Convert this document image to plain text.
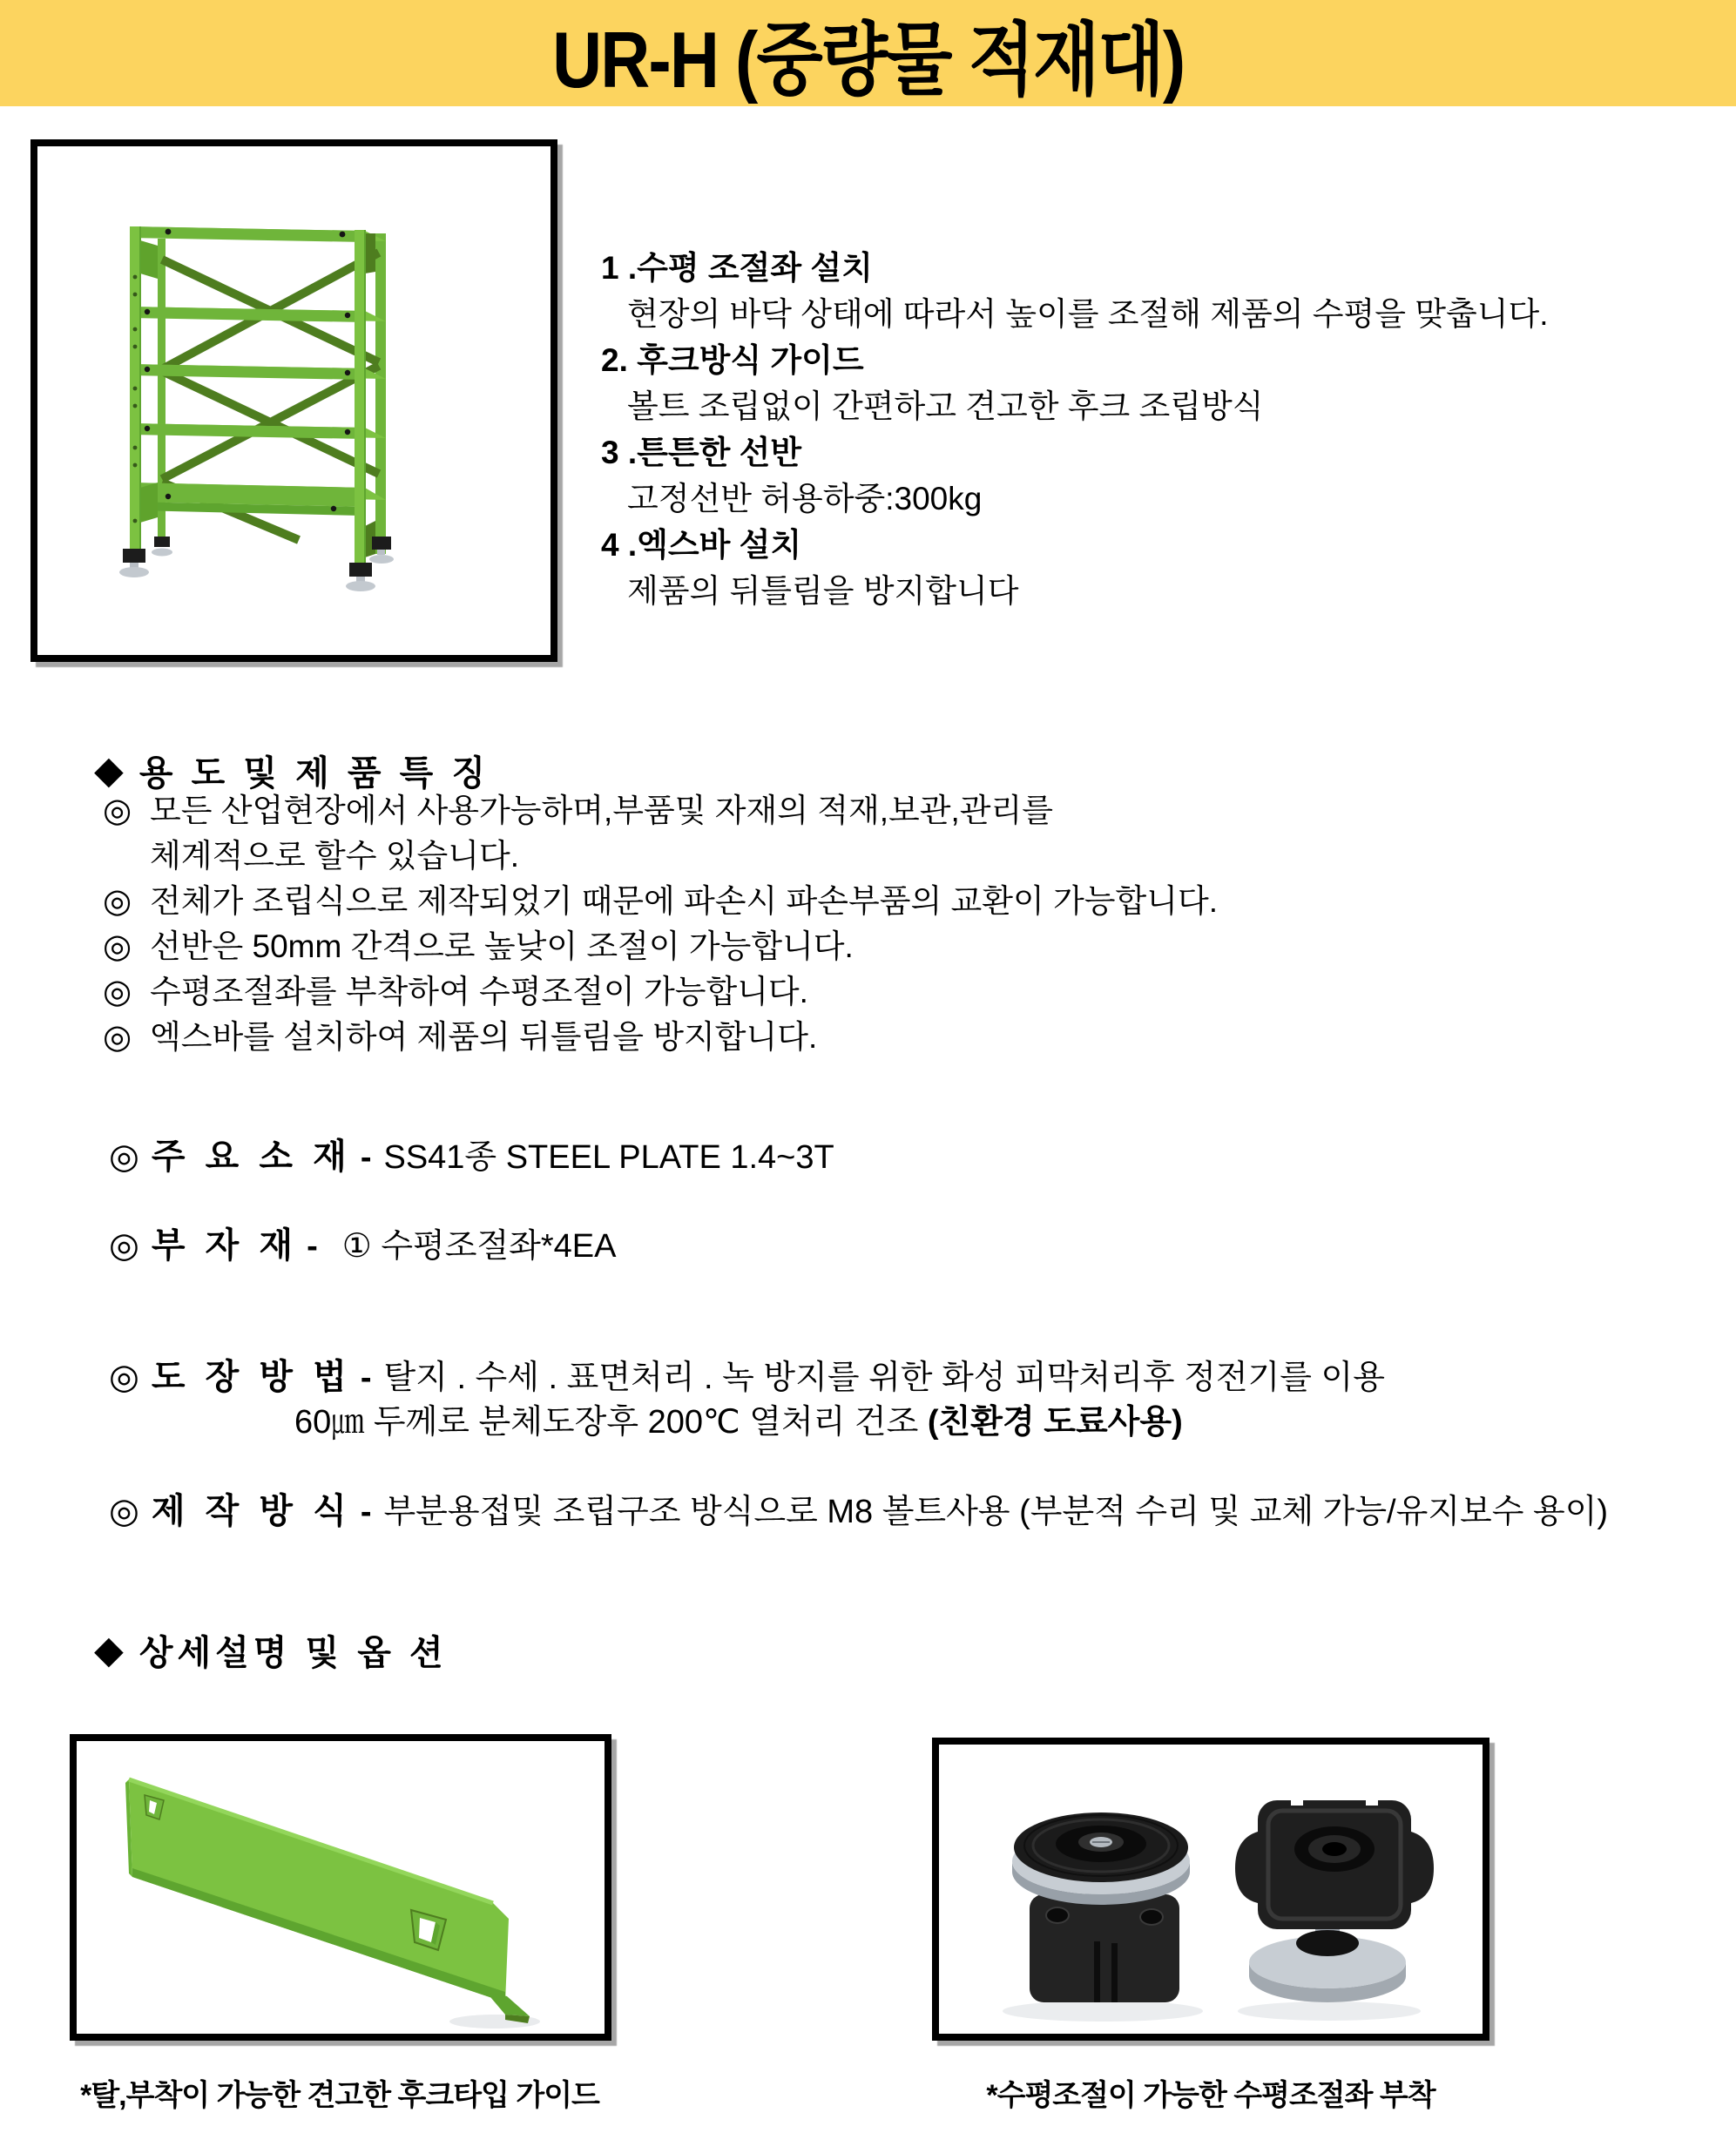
UR-H (중량물 적재대)
1 .수평 조절좌 설치
현장의 바닥 상태에 따라서 높이를 조절해 제품의 수평을 맞춥니다.
2. 후크방식 가이드
볼트 조립없이 간편하고 견고한 후크 조립방식
3 .튼튼한 선반
고정선반 허용하중:300kg
4 .엑스바 설치
제품의 뒤틀림을 방지합니다
◆ 용 도 및 제 품 특 징
◎ 모든 산업현장에서 사용가능하며,부품및 자재의 적재,보관,관리를
체계적으로 할수 있습니다.
◎ 전체가 조립식으로 제작되었기 때문에 파손시 파손부품의 교환이 가능합니다.
◎ 선반은 50mm 간격으로 높낮이 조절이 가능합니다.
◎ 수평조절좌를 부착하여 수평조절이 가능합니다.
◎ 엑스바를 설치하여 제품의 뒤틀림을 방지합니다.
◎ 주 요 소 재 - SS41종 STEEL PLATE 1.4~3T
◎ 부 자 재 - ① 수평조절좌*4EA
◎ 도 장 방 법 - 탈지 . 수세 . 표면처리 . 녹 방지를 위한 화성 피막처리후 정전기를 이용
60㎛ 두께로 분체도장후 200℃ 열처리 건조 (친환경 도료사용)
◎ 제 작 방 식 - 부분용접및 조립구조 방식으로 M8 볼트사용 (부분적 수리 및 교체 가능/유지보수 용이)
◆ 상세설명 및 옵 션
*탈,부착이 가능한 견고한 후크타입 가이드	*수평조절이 가능한 수평조절좌 부착
